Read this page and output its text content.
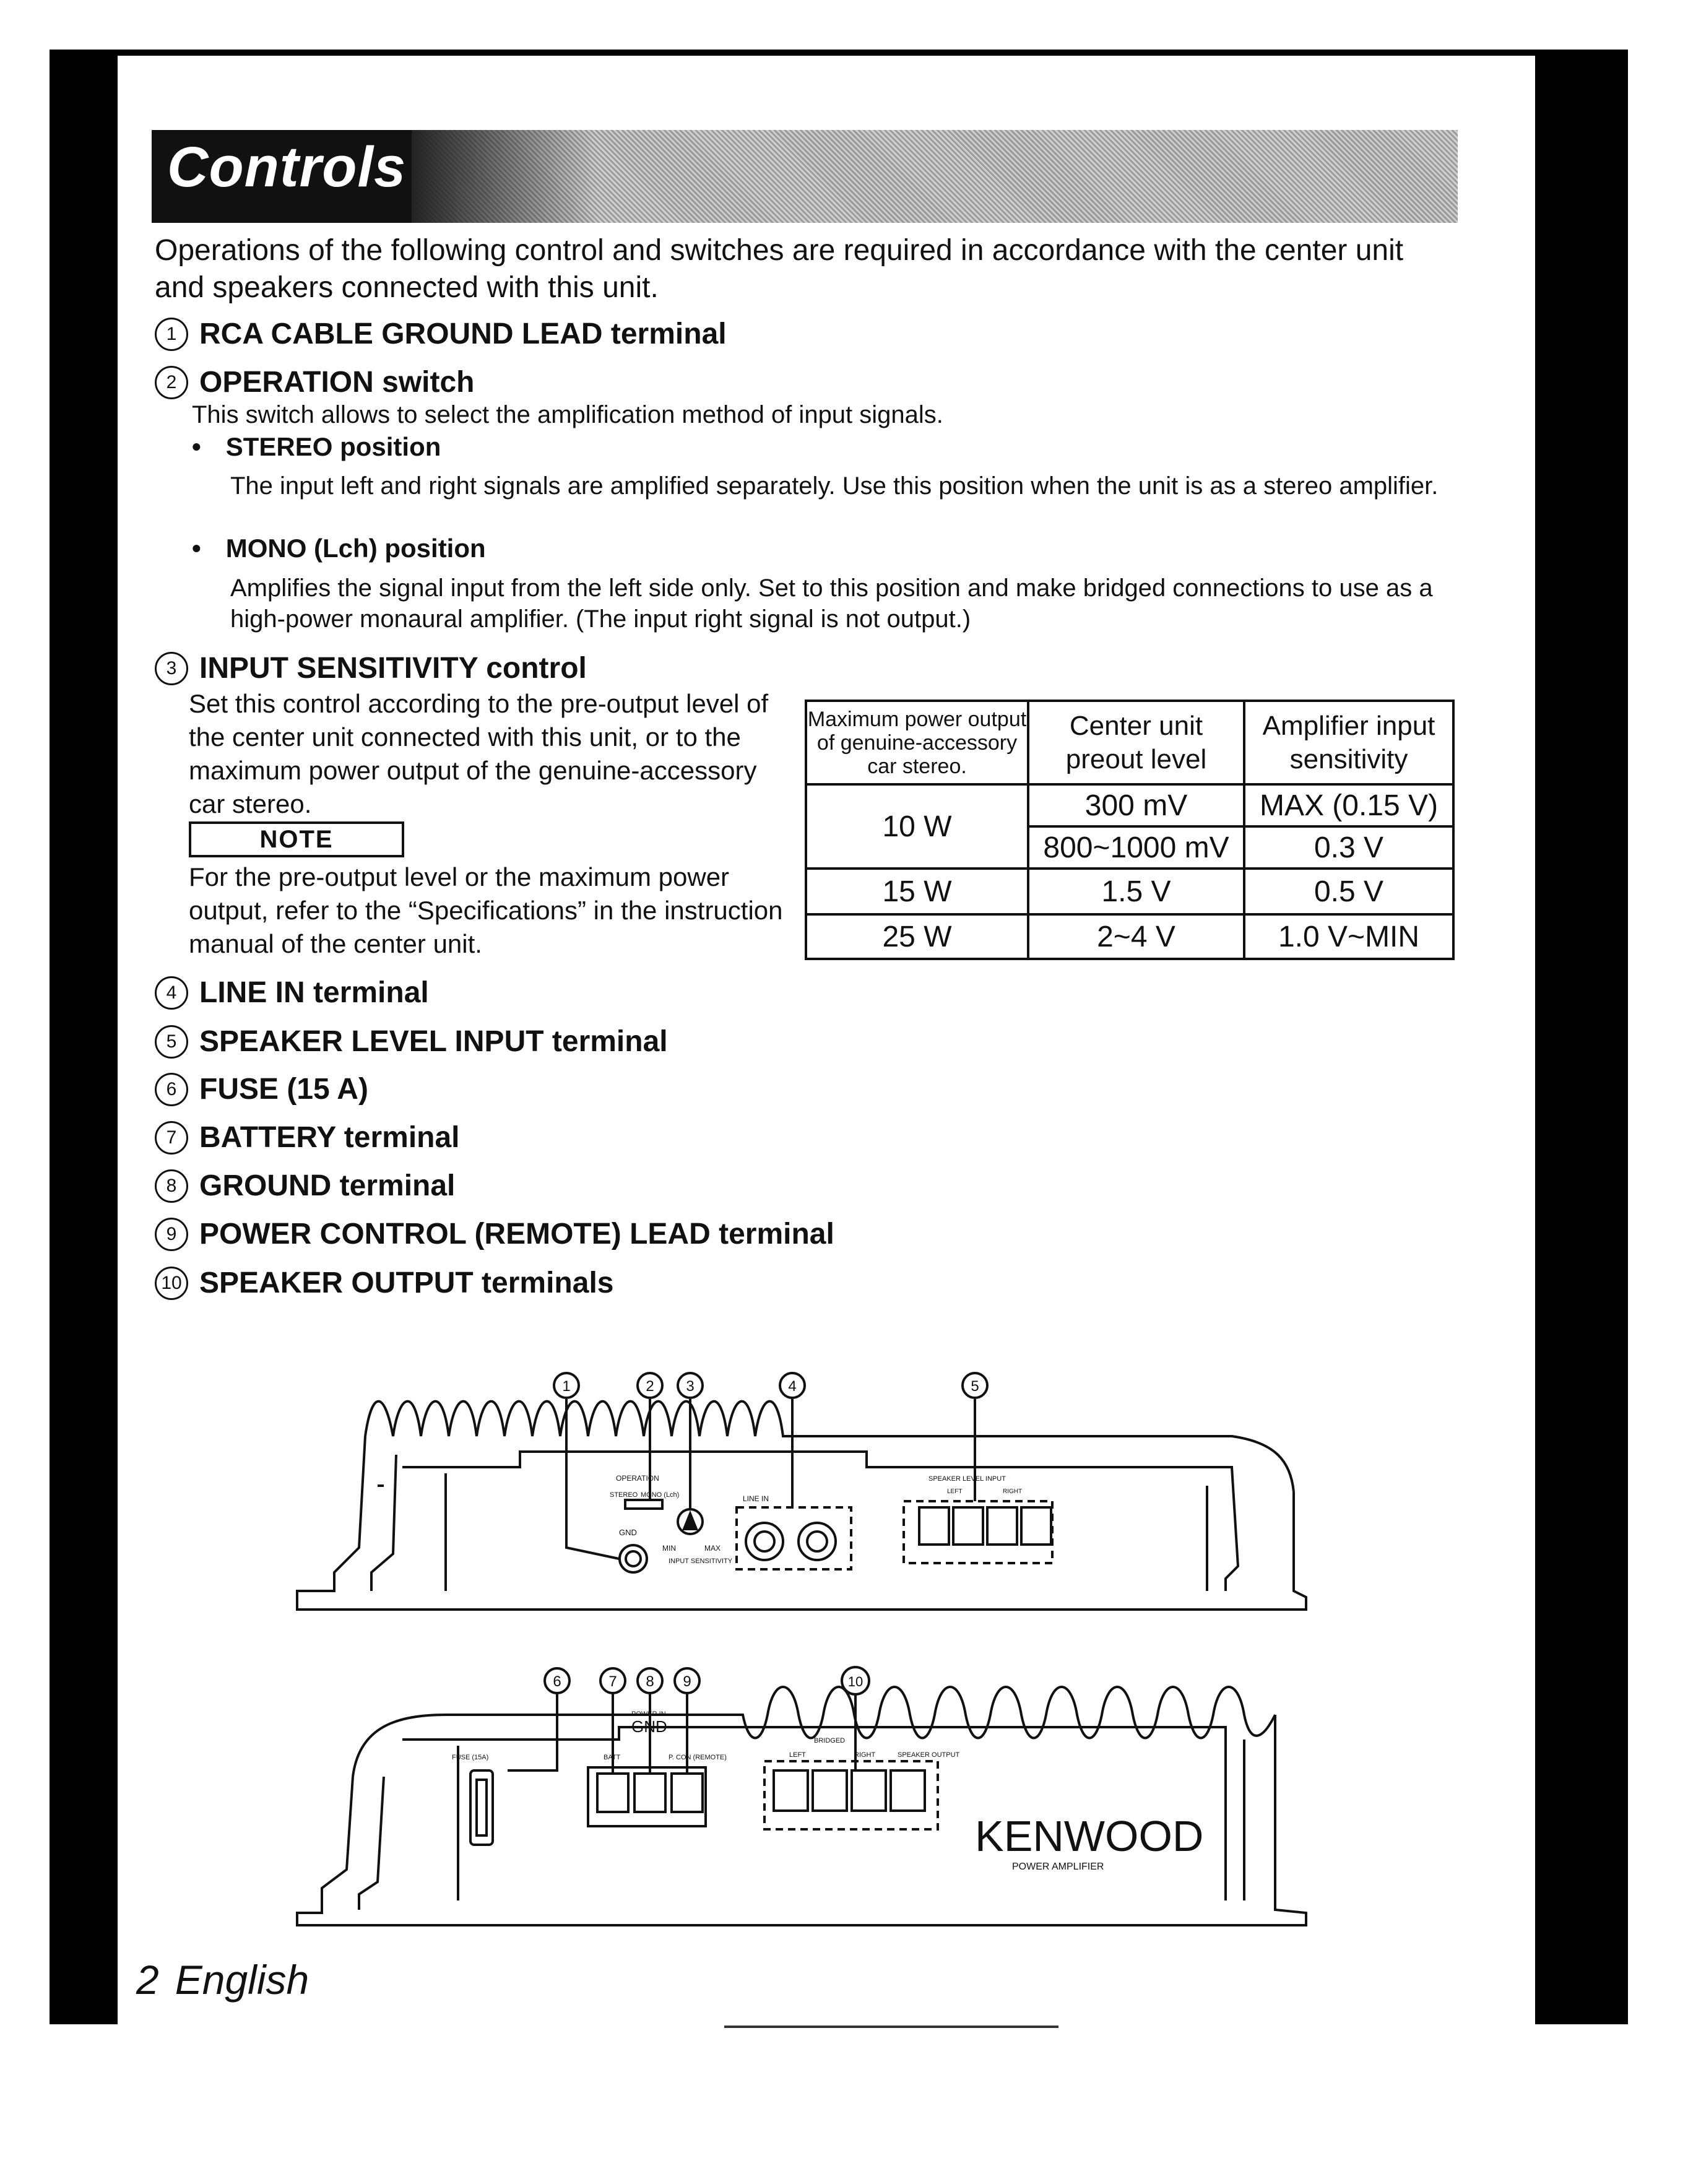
Controls
Operations of the following control and switches are required in accordance with the center unit and speakers connected with this unit.
1 RCA CABLE GROUND LEAD terminal
2 OPERATION switch
This switch allows to select the amplification method of input signals.
• STEREO position
The input left and right signals are amplified separately. Use this position when the unit is as a stereo amplifier.
• MONO (Lch) position
Amplifies the signal input from the left side only. Set to this position and make bridged connections to use as a high-power monaural amplifier. (The input right signal is not output.)
3 INPUT SENSITIVITY control
Set this control according to the pre-output level of the center unit connected with this unit, or to the maximum power output of the genuine-accessory car stereo.
NOTE
For the pre-output level or the maximum power output, refer to the “Specifications” in the instruction manual of the center unit.
Maximum power output of genuine-accessory car stereo.	Center unit preout level	Amplifier input sensitivity
10 W	300 mV	MAX (0.15 V)
	800~1000 mV	0.3 V
15 W	1.5 V	0.5 V
25 W	2~4 V	1.0 V~MIN
4 LINE IN terminal
5 SPEAKER LEVEL INPUT terminal
6 FUSE (15 A)
7 BATTERY terminal
8 GROUND terminal
9 POWER CONTROL (REMOTE) LEAD terminal
10 SPEAKER OUTPUT terminals
GND
OPERATION
STEREO MONO (Lch)
MIN	MAX
INPUT SENSITIVITY
LINE IN
SPEAKER LEVEL INPUT
LEFT	RIGHT
1	2 3	4	5
FUSE (15A)
POWER IN
GND
BATT	P. CON (REMOTE)
BRIDGED
LEFT	RIGHT	SPEAKER OUTPUT
KENWOOD
POWER AMPLIFIER
6	7 8 9	10
2 English
